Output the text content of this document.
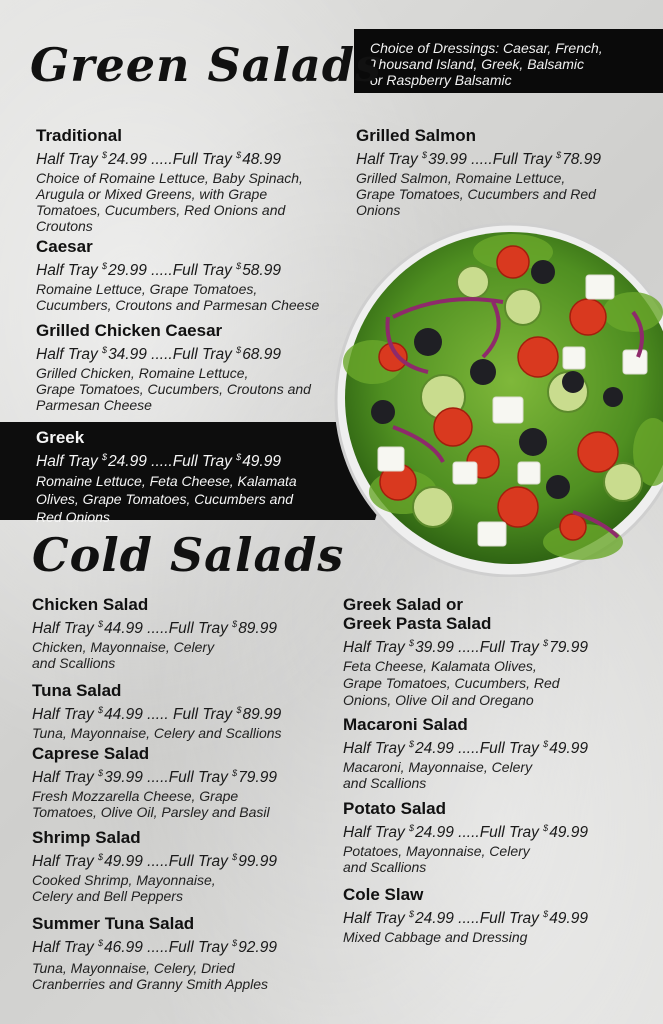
Choice of Dressings: Caesar, French,
Thousand Island, Greek, Balsamic
or Raspberry Balsamic
Green Salads
Cold Salads
Traditional
Half Tray $24.99 .....Full Tray $48.99
Choice of Romaine Lettuce, Baby Spinach,
Arugula or Mixed Greens, with Grape
Tomatoes, Cucumbers, Red Onions and
Croutons
Caesar
Half Tray $29.99 .....Full Tray $58.99
Romaine Lettuce, Grape Tomatoes,
Cucumbers, Croutons and Parmesan Cheese
Grilled Chicken Caesar
Half Tray $34.99 .....Full Tray $68.99
Grilled Chicken, Romaine Lettuce,
Grape Tomatoes, Cucumbers, Croutons and
Parmesan Cheese
Greek
Half Tray $24.99 .....Full Tray $49.99
Romaine Lettuce, Feta Cheese, Kalamata
Olives, Grape Tomatoes, Cucumbers and
Red Onions
Grilled Salmon
Half Tray $39.99 .....Full Tray $78.99
Grilled Salmon, Romaine Lettuce,
Grape Tomatoes, Cucumbers and Red
Onions
Chicken Salad
Half Tray $44.99 .....Full Tray $89.99
Chicken, Mayonnaise, Celery
and Scallions
Tuna Salad
Half Tray $44.99 ..... Full Tray $89.99
Tuna, Mayonnaise, Celery and Scallions
Caprese Salad
Half Tray $39.99 .....Full Tray $79.99
Fresh Mozzarella Cheese, Grape
Tomatoes, Olive Oil, Parsley and Basil
Shrimp Salad
Half Tray $49.99 .....Full Tray $99.99
Cooked Shrimp, Mayonnaise,
Celery and Bell Peppers
Summer Tuna Salad
Half Tray $46.99 .....Full Tray $92.99
Tuna, Mayonnaise, Celery, Dried
Cranberries and Granny Smith Apples
Greek Salad or
Greek Pasta Salad
Half Tray $39.99 .....Full Tray $79.99
Feta Cheese, Kalamata Olives,
Grape Tomatoes, Cucumbers, Red
Onions, Olive Oil and Oregano
Macaroni Salad
Half Tray $24.99 .....Full Tray $49.99
Macaroni, Mayonnaise, Celery
and Scallions
Potato Salad
Half Tray $24.99 .....Full Tray $49.99
Potatoes, Mayonnaise, Celery
and Scallions
Cole Slaw
Half Tray $24.99 .....Full Tray $49.99
Mixed Cabbage and Dressing
